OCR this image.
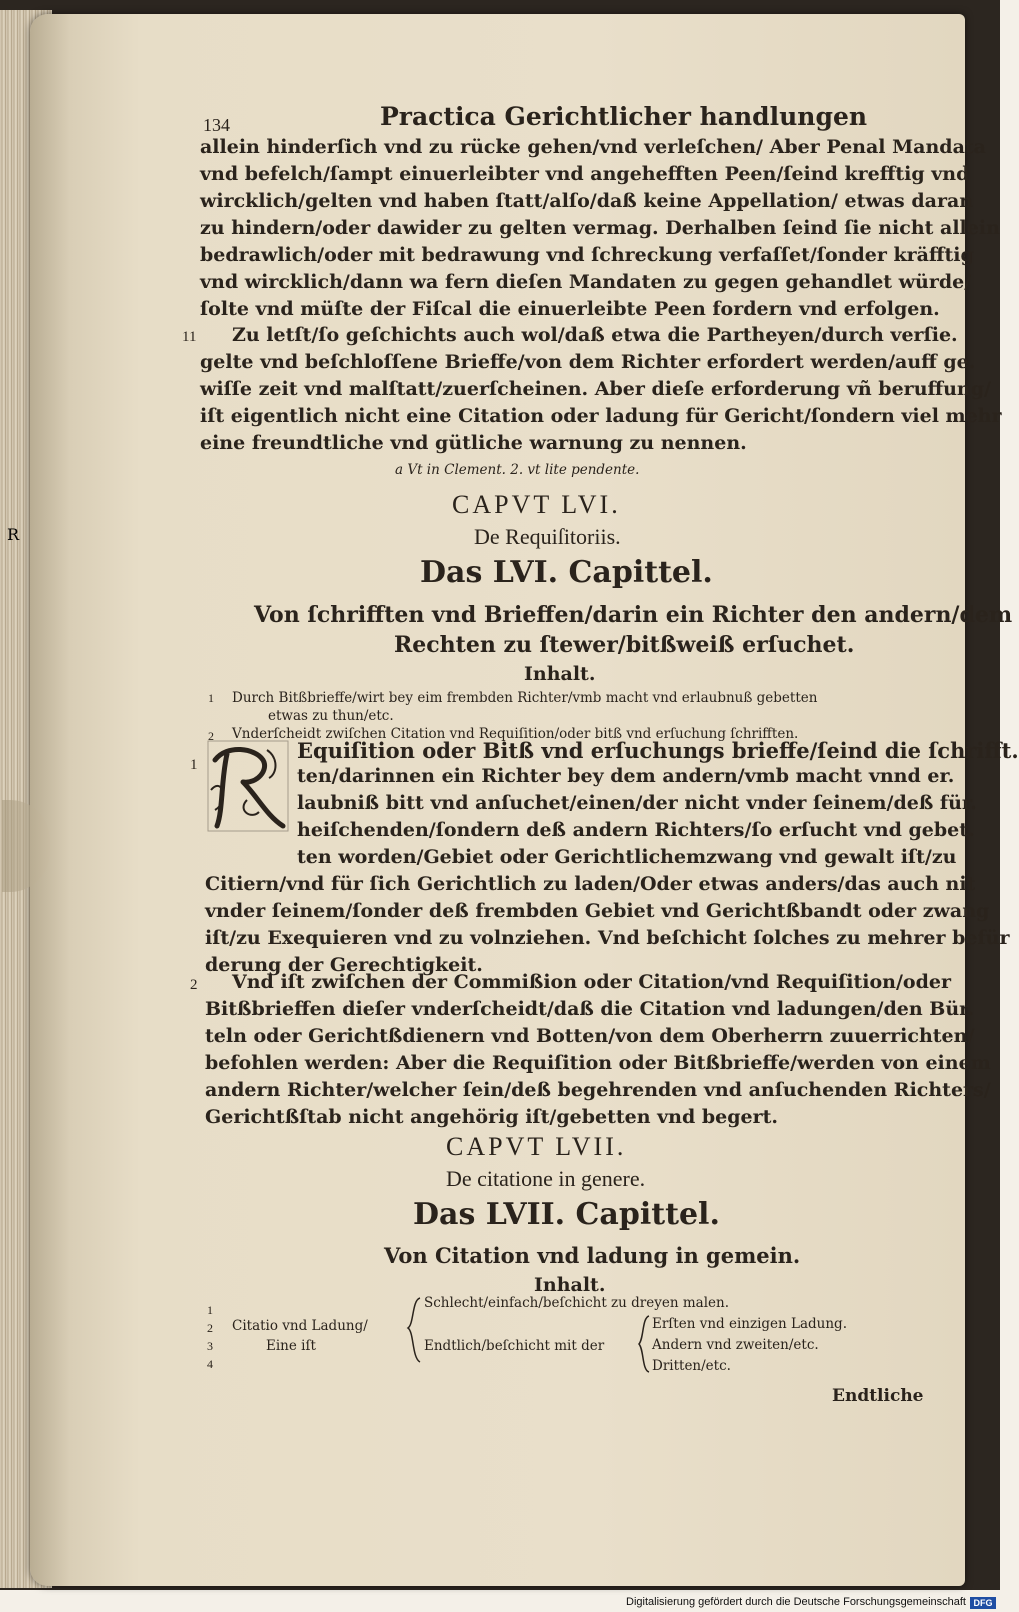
134	Practica Gerichtlicher handlungen
allein hinderſich vnd zu rücke gehen/vnd verleſchen/ Aber Penal Mandata
vnd befelch/ſampt einuerleibter vnd angehefften Peen/ſeind krefftig vnd
wircklich/gelten vnd haben ſtatt/alſo/daß keine Appellation/ etwas daran
zu hindern/oder dawider zu gelten vermag. Derhalben ſeind ſie nicht allein
bedrawlich/oder mit bedrawung vnd ſchreckung verfaſſet/ſonder kräfftig
vnd wircklich/dann wa fern dieſen Mandaten zu gegen gehandlet würde/
ſolte vnd müſte der Fiſcal die einuerleibte Peen fordern vnd erfolgen.
11 Zu letſt/ſo geſchichts auch wol/daß etwa die Partheyen/durch verſie.
gelte vnd beſchloſſene Brieffe/von dem Richter erfordert werden/auff ge.
wiſſe zeit vnd malſtatt/zuerſcheinen. Aber dieſe erforderung vñ beruffung/
iſt eigentlich nicht eine Citation oder ladung für Gericht/ſondern viel mehr
eine freundtliche vnd gütliche warnung zu nennen.
a Vt in Clement. 2. vt lite pendente.
CAPVT LVI.
De Requiſitoriis.
Das LVI. Capittel.
Von ſchrifften vnd Brieffen/darin ein Richter den andern/dem
Rechten zu ſtewer/bitßweiß erſuchet.
Inhalt.
1 Durch Bitßbrieffe/wirt bey eim frembden Richter/vmb macht vnd erlaubnuß gebetten
etwas zu thun/etc.
2 Vnderſcheidt zwiſchen Citation vnd Requiſition/oder bitß vnd erſuchung ſchrifften.
1
R
Equiſition oder Bitß vnd erſuchungs brieffe/ſeind die ſchrifft.
ten/darinnen ein Richter bey dem andern/vmb macht vnnd er.
laubniß bitt vnd anſuchet/einen/der nicht vnder ſeinem/deß für.
heiſchenden/ſondern deß andern Richters/ſo erſucht vnd gebet.
ten worden/Gebiet oder Gerichtlichemzwang vnd gewalt iſt/zu
Citiern/vnd für ſich Gerichtlich zu laden/Oder etwas anders/das auch nit
vnder ſeinem/ſonder deß frembden Gebiet vnd Gerichtßbandt oder zwang
iſt/zu Exequieren vnd zu volnziehen. Vnd beſchicht ſolches zu mehrer befür
derung der Gerechtigkeit.
2 Vnd iſt zwiſchen der Commißion oder Citation/vnd Requiſition/oder
Bitßbrieffen dieſer vnderſcheidt/daß die Citation vnd ladungen/den Bür.
teln oder Gerichtßdienern vnd Botten/von dem Oberherrn zuuerrichten/
befohlen werden: Aber die Requiſition oder Bitßbrieffe/werden von einem
andern Richter/welcher ſein/deß begehrenden vnd anſuchenden Richters/
Gerichtßſtab nicht angehörig iſt/gebetten vnd begert.
CAPVT LVII.
De citatione in genere.
Das LVII. Capittel.
Von Citation vnd ladung in gemein.
Inhalt.
1
2
3
4
Citatio vnd Ladung/
Eine iſt
Schlecht/einfach/beſchicht zu dreyen malen.
Endtlich/beſchicht mit der
Erſten vnd einzigen Ladung.
Andern vnd zweiten/etc.
Dritten/etc.
Endtliche
Digitalisierung gefördert durch die Deutsche Forschungsgemeinschaft DFG
